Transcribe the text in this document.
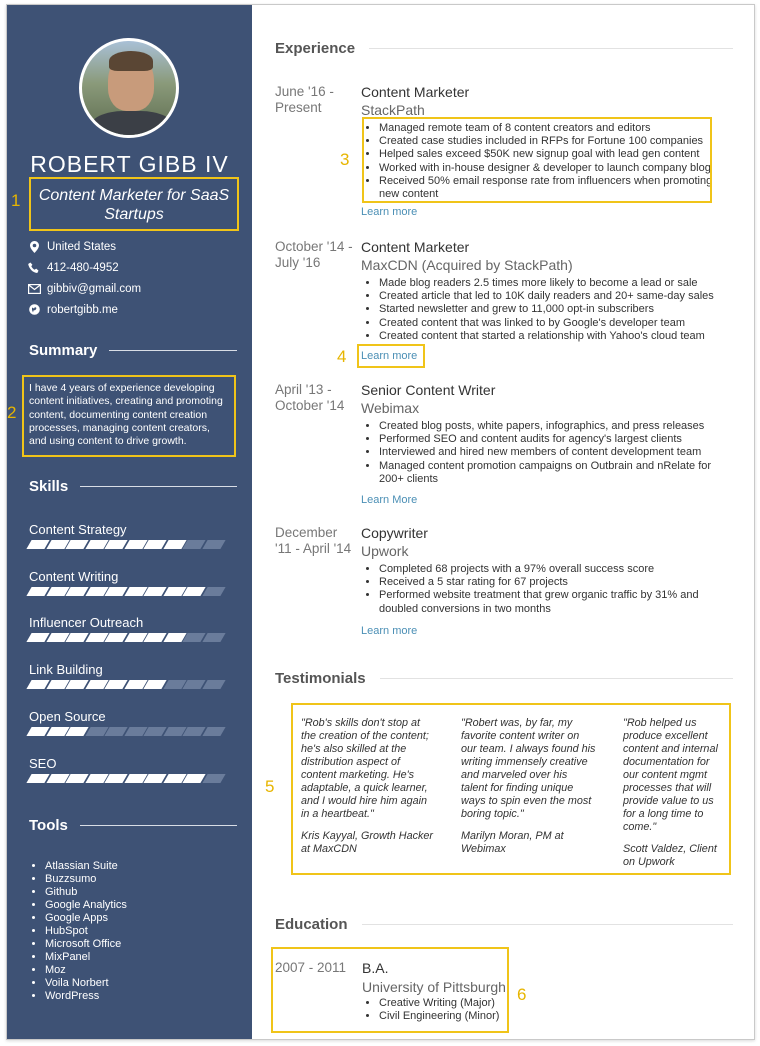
ROBERT GIBB IV
Content Marketer for SaaS Startups
1
United States
412-480-4952
gibbiv@gmail.com
robertgibb.me
Summary
I have 4 years of experience developing content initiatives, creating and promoting content, documenting content creation processes, managing content creators, and using content to drive growth.
2
Skills
Content Strategy
Content Writing
Influencer Outreach
Link Building
Open Source
SEO
Tools
• Atlassian Suite
• Buzzsumo
• Github
• Google Analytics
• Google Apps
• HubSpot
• Microsoft Office
• MixPanel
• Moz
• Voila Norbert
• WordPress
Experience
June '16 -
Present
Content Marketer
StackPath
• Managed remote team of 8 content creators and editors
• Created case studies included in RFPs for Fortune 100 companies
• Helped sales exceed $50K new signup goal with lead gen content
• Worked with in-house designer & developer to launch company blog
• Received 50% email response rate from influencers when promoting new content
Learn more
3
October '14 -
July '16
Content Marketer
MaxCDN (Acquired by StackPath)
• Made blog readers 2.5 times more likely to become a lead or sale
• Created article that led to 10K daily readers and 20+ same-day sales
• Started newsletter and grew to 11,000 opt-in subscribers
• Created content that was linked to by Google's developer team
• Created content that started a relationship with Yahoo's cloud team
Learn more
4
April '13 -
October '14
Senior Content Writer
Webimax
• Created blog posts, white papers, infographics, and press releases
• Performed SEO and content audits for agency's largest clients
• Interviewed and hired new members of content development team
• Managed content promotion campaigns on Outbrain and nRelate for 200+ clients
Learn More
December
'11 - April '14
Copywriter
Upwork
• Completed 68 projects with a 97% overall success score
• Received a 5 star rating for 67 projects
• Performed website treatment that grew organic traffic by 31% and doubled conversions in two months
Learn more
Testimonials
"Rob's skills don't stop at the creation of the content; he's also skilled at the distribution aspect of content marketing. He's adaptable, a quick learner, and I would hire him again in a heartbeat."
Kris Kayyal, Growth Hacker at MaxCDN
"Robert was, by far, my favorite content writer on our team. I always found his writing immensely creative and marveled over his talent for finding unique ways to spin even the most boring topic."
Marilyn Moran, PM at Webimax
"Rob helped us produce excellent content and internal documentation for our content mgmt processes that will provide value to us for a long time to come."
Scott Valdez, Client on Upwork
5
Education
2007 - 2011 B.A.
University of Pittsburgh
• Creative Writing (Major)
• Civil Engineering (Minor)
6
